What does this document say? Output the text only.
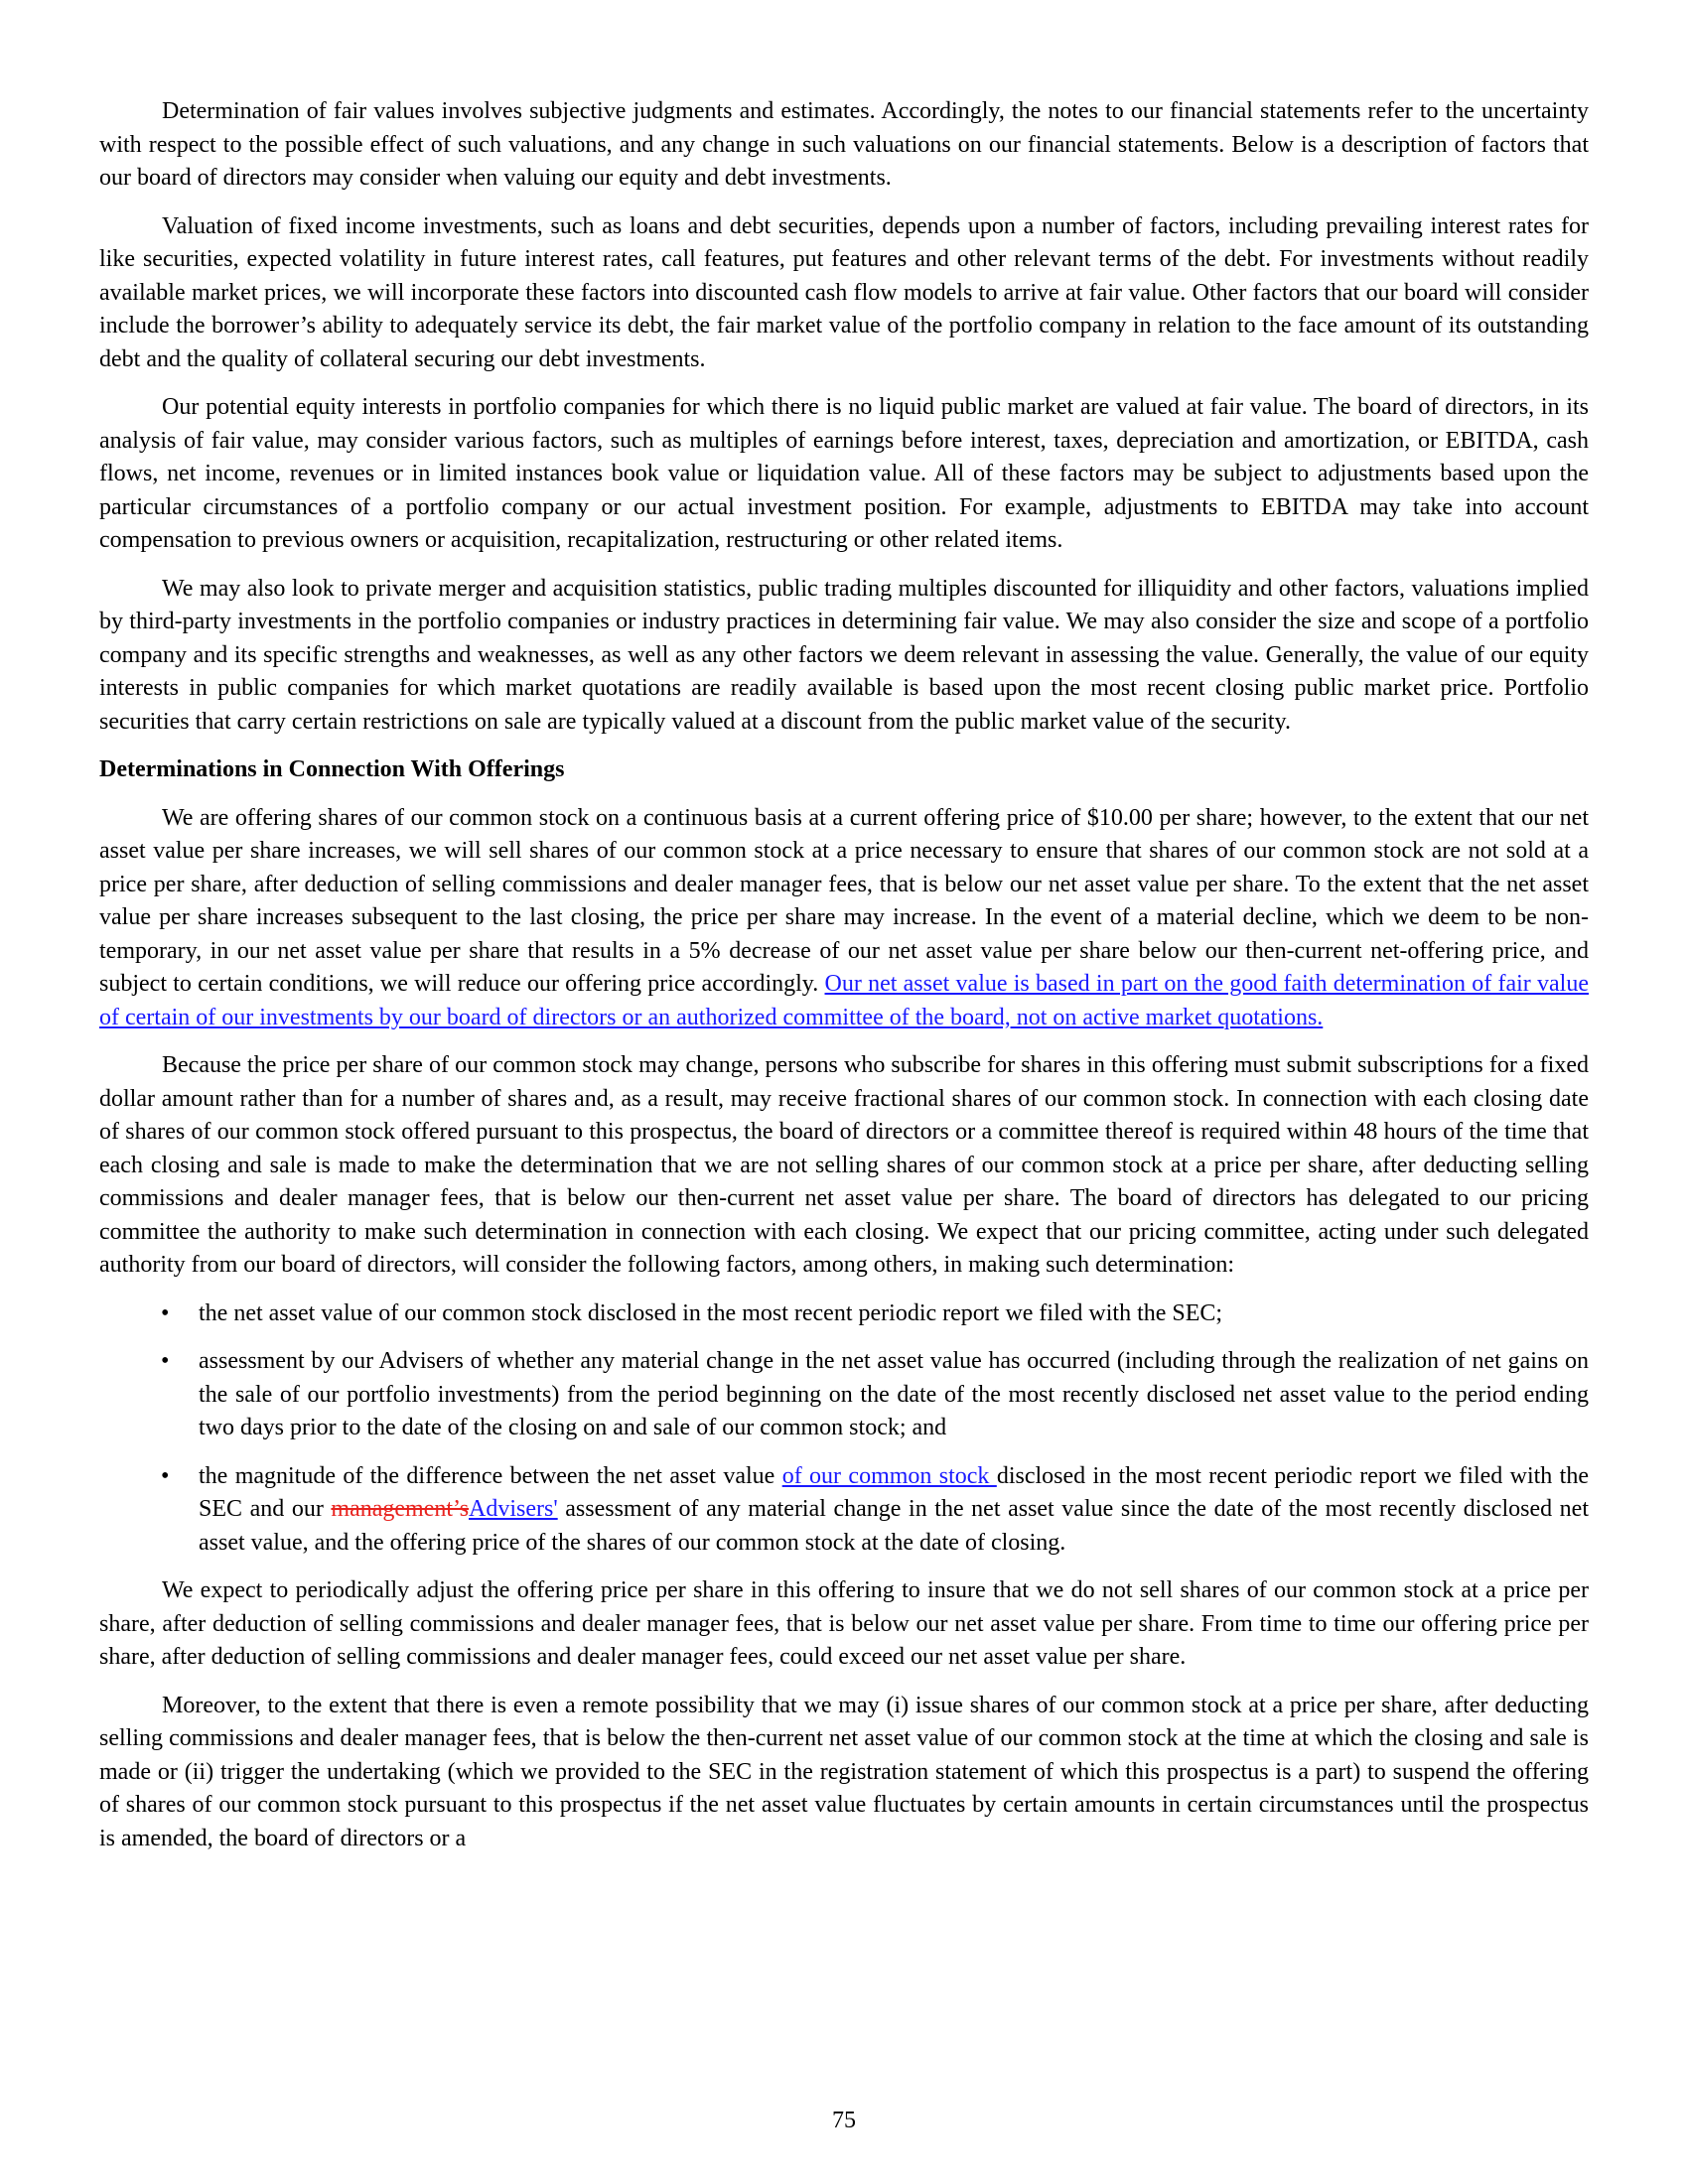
Determination of fair values involves subjective judgments and estimates. Accordingly, the notes to our financial statements refer to the uncertainty with respect to the possible effect of such valuations, and any change in such valuations on our financial statements. Below is a description of factors that our board of directors may consider when valuing our equity and debt investments.

Valuation of fixed income investments, such as loans and debt securities, depends upon a number of factors, including prevailing interest rates for like securities, expected volatility in future interest rates, call features, put features and other relevant terms of the debt. For investments without readily available market prices, we will incorporate these factors into discounted cash flow models to arrive at fair value. Other factors that our board will consider include the borrower’s ability to adequately service its debt, the fair market value of the portfolio company in relation to the face amount of its outstanding debt and the quality of collateral securing our debt investments.

Our potential equity interests in portfolio companies for which there is no liquid public market are valued at fair value. The board of directors, in its analysis of fair value, may consider various factors, such as multiples of earnings before interest, taxes, depreciation and amortization, or EBITDA, cash flows, net income, revenues or in limited instances book value or liquidation value. All of these factors may be subject to adjustments based upon the particular circumstances of a portfolio company or our actual investment position. For example, adjustments to EBITDA may take into account compensation to previous owners or acquisition, recapitalization, restructuring or other related items.

We may also look to private merger and acquisition statistics, public trading multiples discounted for illiquidity and other factors, valuations implied by third-party investments in the portfolio companies or industry practices in determining fair value. We may also consider the size and scope of a portfolio company and its specific strengths and weaknesses, as well as any other factors we deem relevant in assessing the value. Generally, the value of our equity interests in public companies for which market quotations are readily available is based upon the most recent closing public market price. Portfolio securities that carry certain restrictions on sale are typically valued at a discount from the public market value of the security.

Determinations in Connection With Offerings

We are offering shares of our common stock on a continuous basis at a current offering price of $10.00 per share; however, to the extent that our net asset value per share increases, we will sell shares of our common stock at a price necessary to ensure that shares of our common stock are not sold at a price per share, after deduction of selling commissions and dealer manager fees, that is below our net asset value per share. To the extent that the net asset value per share increases subsequent to the last closing, the price per share may increase. In the event of a material decline, which we deem to be non-temporary, in our net asset value per share that results in a 5% decrease of our net asset value per share below our then-current net-offering price, and subject to certain conditions, we will reduce our offering price accordingly. Our net asset value is based in part on the good faith determination of fair value of certain of our investments by our board of directors or an authorized committee of the board, not on active market quotations.

Because the price per share of our common stock may change, persons who subscribe for shares in this offering must submit subscriptions for a fixed dollar amount rather than for a number of shares and, as a result, may receive fractional shares of our common stock. In connection with each closing date of shares of our common stock offered pursuant to this prospectus, the board of directors or a committee thereof is required within 48 hours of the time that each closing and sale is made to make the determination that we are not selling shares of our common stock at a price per share, after deducting selling commissions and dealer manager fees, that is below our then-current net asset value per share. The board of directors has delegated to our pricing committee the authority to make such determination in connection with each closing. We expect that our pricing committee, acting under such delegated authority from our board of directors, will consider the following factors, among others, in making such determination:

• the net asset value of our common stock disclosed in the most recent periodic report we filed with the SEC;
• assessment by our Advisers of whether any material change in the net asset value has occurred (including through the realization of net gains on the sale of our portfolio investments) from the period beginning on the date of the most recently disclosed net asset value to the period ending two days prior to the date of the closing on and sale of our common stock; and
• the magnitude of the difference between the net asset value of our common stock disclosed in the most recent periodic report we filed with the SEC and our management’sAdvisers' assessment of any material change in the net asset value since the date of the most recently disclosed net asset value, and the offering price of the shares of our common stock at the date of closing.

We expect to periodically adjust the offering price per share in this offering to insure that we do not sell shares of our common stock at a price per share, after deduction of selling commissions and dealer manager fees, that is below our net asset value per share. From time to time our offering price per share, after deduction of selling commissions and dealer manager fees, could exceed our net asset value per share.

Moreover, to the extent that there is even a remote possibility that we may (i) issue shares of our common stock at a price per share, after deducting selling commissions and dealer manager fees, that is below the then-current net asset value of our common stock at the time at which the closing and sale is made or (ii) trigger the undertaking (which we provided to the SEC in the registration statement of which this prospectus is a part) to suspend the offering of shares of our common stock pursuant to this prospectus if the net asset value fluctuates by certain amounts in certain circumstances until the prospectus is amended, the board of directors or a

75
